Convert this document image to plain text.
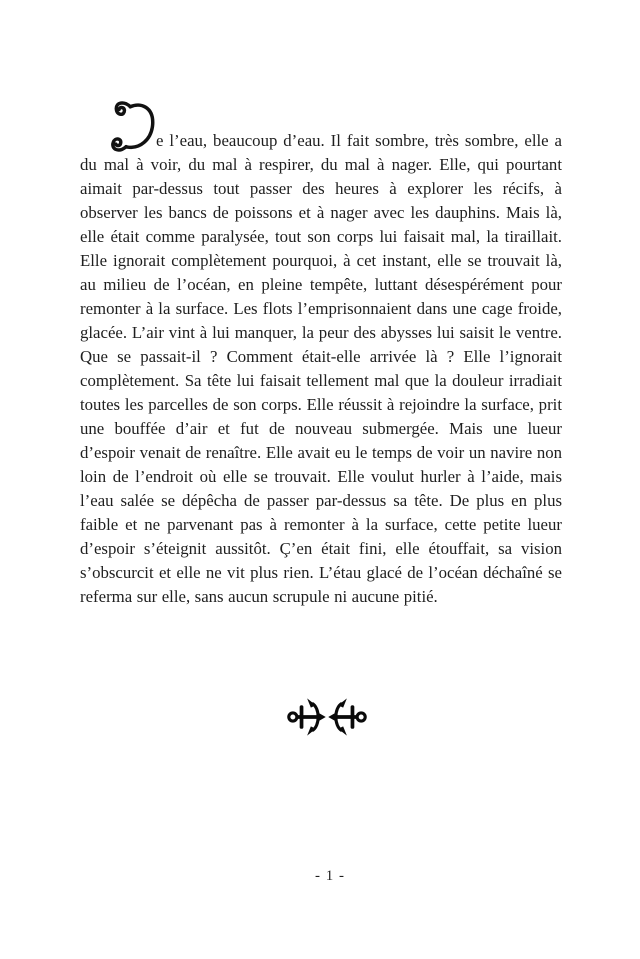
e l’eau, beaucoup d’eau. Il fait sombre, très sombre, elle a du mal à voir, du mal à respirer, du mal à nager. Elle, qui pourtant aimait par-dessus tout passer des heures à explorer les récifs, à observer les bancs de poissons et à nager avec les dauphins. Mais là, elle était comme paralysée, tout son corps lui faisait mal, la tiraillait. Elle ignorait complètement pourquoi, à cet instant, elle se trouvait là, au milieu de l’océan, en pleine tempête, luttant désespérément pour remonter à la surface. Les flots l’emprisonnaient dans une cage froide, glacée. L’air vint à lui manquer, la peur des abysses lui saisit le ventre. Que se passait-il ? Comment était-elle arrivée là ? Elle l’ignorait complètement. Sa tête lui faisait tellement mal que la douleur irradiait toutes les parcelles de son corps. Elle réussit à rejoindre la surface, prit une bouffée d’air et fut de nouveau submergée. Mais une lueur d’espoir venait de renaître. Elle avait eu le temps de voir un navire non loin de l’endroit où elle se trouvait. Elle voulut hurler à l’aide, mais l’eau salée se dépêcha de passer par-dessus sa tête. De plus en plus faible et ne parvenant pas à remonter à la surface, cette petite lueur d’espoir s’éteignit aussitôt. Ç’en était fini, elle étouffait, sa vision s’obscurcit et elle ne vit plus rien. L’étau glacé de l’océan déchaîné se referma sur elle, sans aucun scrupule ni aucune pitié.

- 1 -
